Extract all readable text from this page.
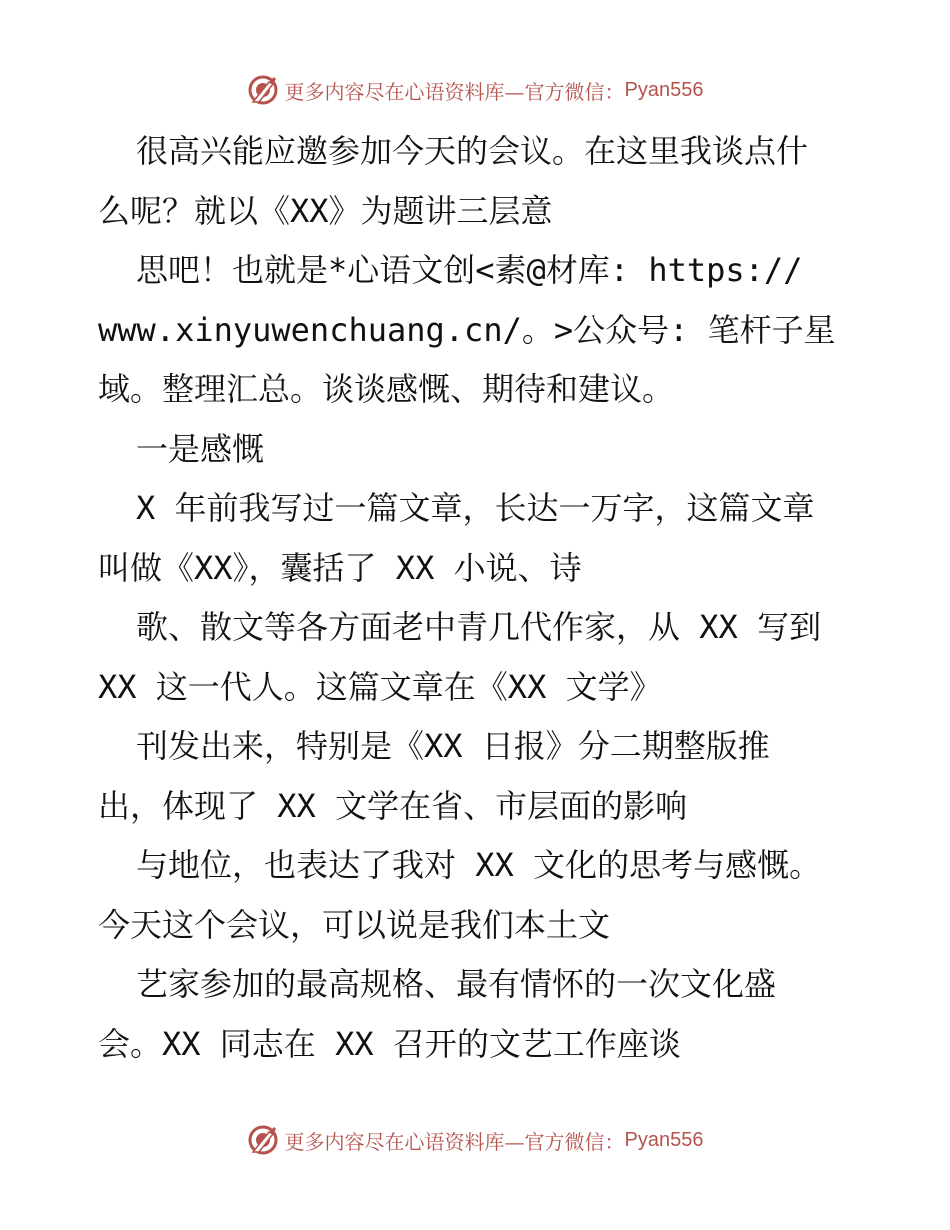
更多内容尽在心语资料库—官方微信： Pyan556
很高兴能应邀参加今天的会议。在这里我谈点什
么呢？就以《XX》为题讲三层意
思吧！也就是*心语文创<素@材库: https://
www.xinyuwenchuang.cn/。>公众号: 笔杆子星
域。整理汇总。谈谈感慨、期待和建议。
一是感慨
X 年前我写过一篇文章，长达一万字，这篇文章
叫做《XX》，囊括了 XX 小说、诗
歌、散文等各方面老中青几代作家，从 XX 写到
XX 这一代人。这篇文章在《XX 文学》
刊发出来，特别是《XX 日报》分二期整版推
出，体现了 XX 文学在省、市层面的影响
与地位，也表达了我对 XX 文化的思考与感慨。
今天这个会议，可以说是我们本土文
艺家参加的最高规格、最有情怀的一次文化盛
会。XX 同志在 XX 召开的文艺工作座谈
更多内容尽在心语资料库—官方微信： Pyan556
